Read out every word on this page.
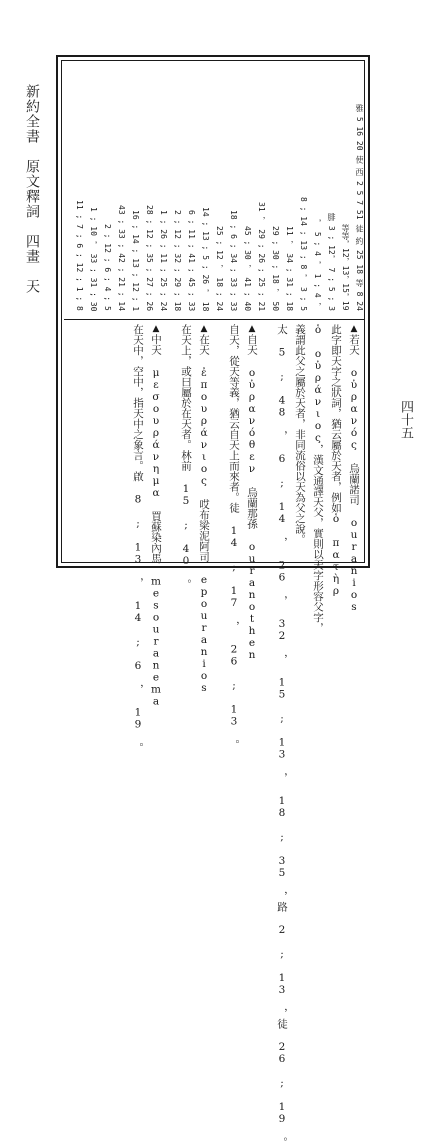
新約全書　原文釋詞　四畫　天
四十五
雅 5 16 20 使 西 2 5 7 51 徒 約 25 18 等 8 24
12，13，15，19，等等
3 ; 5 ; 7 ，腓 3 ; 12
， 4 ; 1 ， 4 ; 5 ，
5 ; 3 ， 8 ; 13 ; 14 ; 8
18 ; 31 ; 34 ， 11
50 ， 18 ; 30 ; 29
21 ; 25 ; 26 ; 29 ， 31
40 ; 41 ， 30 ; 45
33 ; 33 ; 34 ; 6 ; 18
24 ; 18 ， 12 ; 25
18 ， 26 ; 5 ; 13 ; 14
33 ; 45 ; 41 ; 11 ; 6
18 ; 29 ; 32 ; 12 ; 2
24 ; 25 ; 11 ; 26 ; 1
26 ; 27 ; 35 ; 12 ; 28
1 ; 12 ; 13 ; 14 ; 16
14 ; 21 ; 42 ; 33 ; 43
5 ; 4 ; 6 ; 12 ; 2
30 ; 31 ; 33 ， 10 ; 1
8 ; 1 ; 12 ; 6 ; 7 ; 11
▲若天 οὐρανός 烏蘭諾司 ouranios
此字即天字之狀詞，猶云屬於天者，例如ὁ πατὴρ
ὁ οὐράνιος，漢文通譯天父，實則以天字形容父字，
義謂此父之屬於天者，非同流俗以天為父之說。
太 5 ; 48 ， 6 ; 14 ， 26 ， 32 ， 15 ; 13 ， 18 ; 35 ，路 2 ; 13 ，徒 26 ; 19 。
▲自天 οὐρανόθεν 烏蘭那孫 ouranothen
自天，從天等義，猶云自天上而來者。徒 14 ; 17 ， 26 ; 13 。
▲在天 ἐπουράνιος 哎布梁泥阿司 epouranios
在天上，或曰屬於在天者。林前 15 ; 40 。
▲中天 μεσουράνημα 買蘇染內馬 mesouranema
在天中，空中，指天中之象言。啟 8 ; 13 ， 14 ; 6 ， 19 。
